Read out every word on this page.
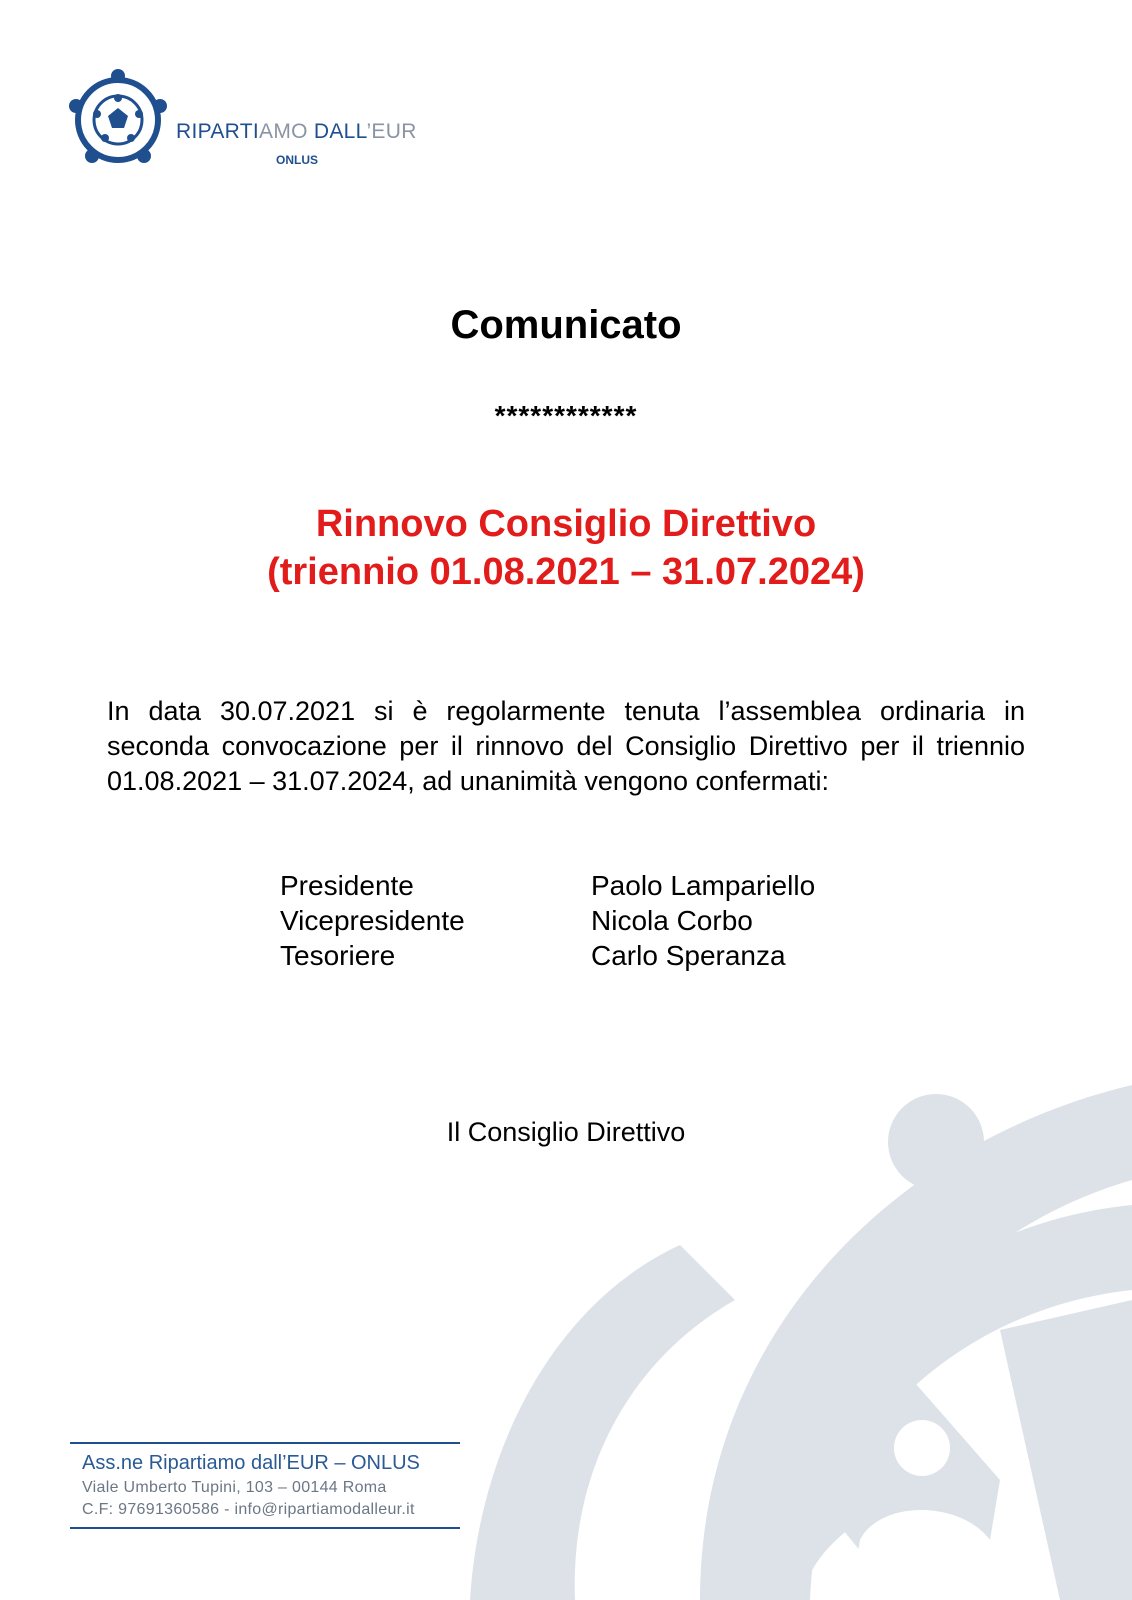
RIPARTIAMO DALL’EUR
ONLUS
Comunicato
************
Rinnovo Consiglio Direttivo
(triennio 01.08.2021 – 31.07.2024)
In data 30.07.2021 si è regolarmente tenuta l’assemblea ordinaria in seconda convocazione per il rinnovo del Consiglio Direttivo per il triennio 01.08.2021 – 31.07.2024, ad unanimità vengono confermati:
Presidente	Paolo Lampariello
Vicepresidente	Nicola Corbo
Tesoriere	Carlo Speranza
Il Consiglio Direttivo
Ass.ne Ripartiamo dall’EUR – ONLUS
Viale Umberto Tupini, 103 – 00144 Roma
C.F: 97691360586 - info@ripartiamodalleur.it
